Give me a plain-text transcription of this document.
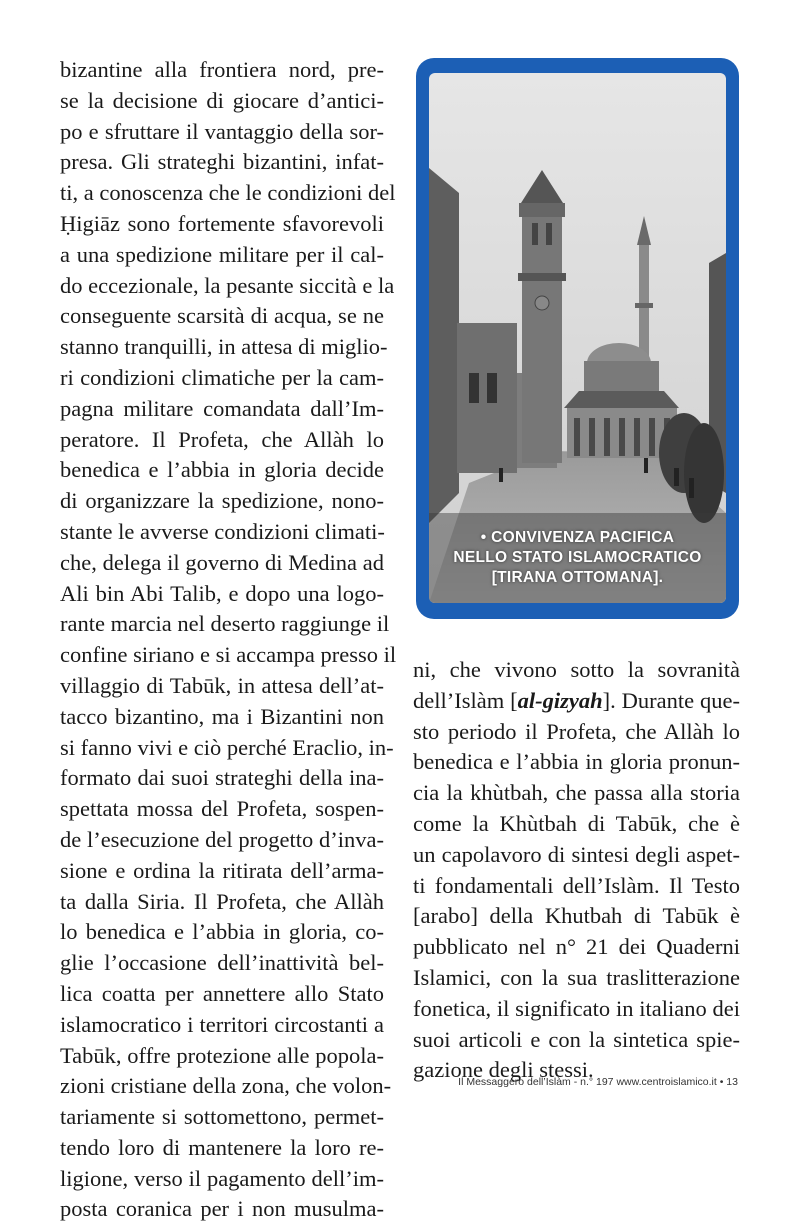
bizantine alla frontiera nord, pre-
se la decisione di giocare d’antici-
po e sfruttare il vantaggio della sor-
presa. Gli strateghi bizantini, infat-
ti, a conoscenza che le condizioni del
Ḥigiāz sono fortemente sfavorevoli
a una spedizione militare per il cal-
do eccezionale, la pesante siccità e la
conseguente scarsità di acqua, se ne
stanno tranquilli, in attesa di miglio-
ri condizioni climatiche per la cam-
pagna militare comandata dall’Im-
peratore. Il Profeta, che Allàh lo
benedica e l’abbia in gloria decide
di organizzare la spedizione, nono-
stante le avverse condizioni climati-
che, delega il governo di Medina ad
Ali bin Abi Talib, e dopo una logo-
rante marcia nel deserto raggiunge il
confine siriano e si accampa presso il
villaggio di Tabūk, in attesa dell’at-
tacco bizantino, ma i Bizantini non
si fanno vivi e ciò perché Eraclio, in-
formato dai suoi strateghi della ina-
spettata mossa del Profeta, sospen-
de l’esecuzione del progetto d’inva-
sione e ordina la ritirata dell’arma-
ta dalla Siria. Il Profeta, che Allàh
lo benedica e l’abbia in gloria, co-
glie l’occasione dell’inattività bel-
lica coatta per annettere allo Stato
islamocratico i territori circostanti a
Tabūk, offre protezione alle popola-
zioni cristiane della zona, che volon-
tariamente si sottomettono, permet-
tendo loro di mantenere la loro re-
ligione, verso il pagamento dell’im-
posta coranica per i non musulma-
• CONVIVENZA PACIFICA
NELLO STATO ISLAMOCRATICO
[TIRANA OTTOMANA].
ni, che vivono sotto la sovranità
dell’Islàm [al-gizyah]. Durante que-
sto periodo il Profeta, che Allàh lo
benedica e l’abbia in gloria pronun-
cia la khùtbah, che passa alla storia
come la Khùtbah di Tabūk, che è
un capolavoro di sintesi degli aspet-
ti fondamentali dell’Islàm. Il Testo
[arabo] della Khutbah di Tabūk è
pubblicato nel n° 21 dei Quaderni
Islamici, con la sua traslitterazione
fonetica, il significato in italiano dei
suoi articoli e con la sintetica spie-
gazione degli stessi.
Il Messaggero dell’Islàm - n.° 197 www.centroislamico.it • 13
